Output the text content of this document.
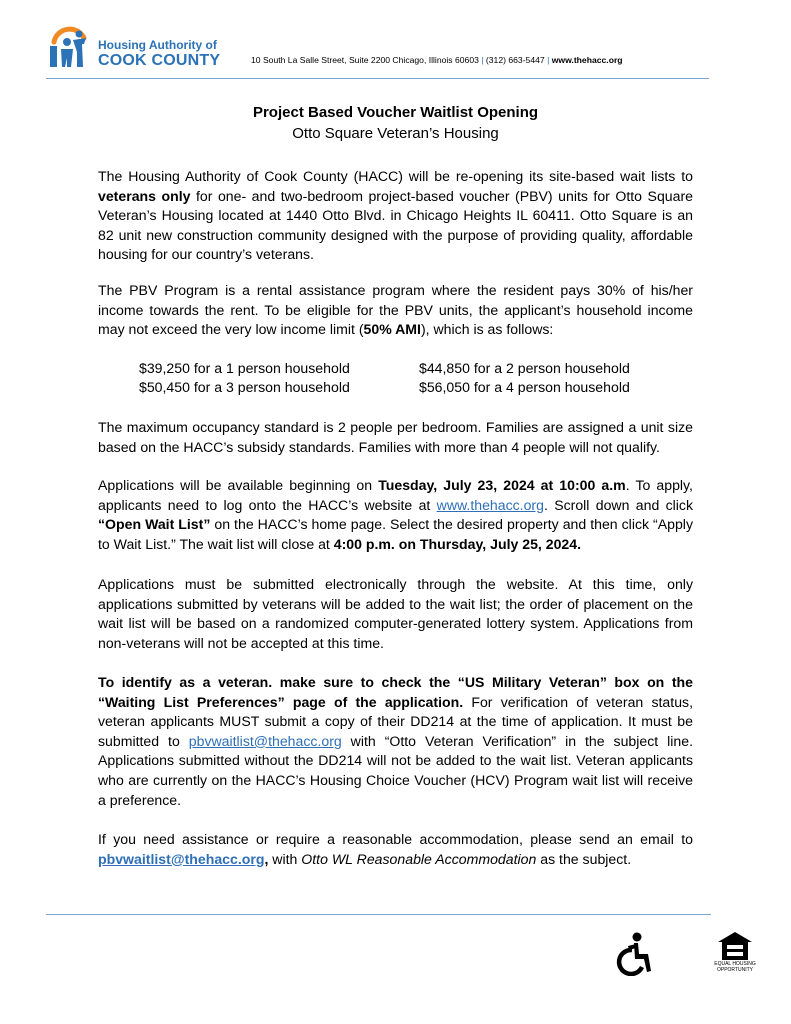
Housing Authority of
COOK COUNTY	10 South La Salle Street, Suite 2200 Chicago, Illinois 60603 | (312) 663-5447 | www.thehacc.org
Project Based Voucher Waitlist Opening
Otto Square Veteran’s Housing
The Housing Authority of Cook County (HACC) will be re-opening its site-based wait lists to veterans only for one- and two-bedroom project-based voucher (PBV) units for Otto Square Veteran’s Housing located at 1440 Otto Blvd. in Chicago Heights IL 60411. Otto Square is an 82 unit new construction community designed with the purpose of providing quality, affordable housing for our country’s veterans.
The PBV Program is a rental assistance program where the resident pays 30% of his/her income towards the rent. To be eligible for the PBV units, the applicant’s household income may not exceed the very low income limit (50% AMI), which is as follows:
$39,250 for a 1 person household	$44,850 for a 2 person household
$50,450 for a 3 person household	$56,050 for a 4 person household
The maximum occupancy standard is 2 people per bedroom. Families are assigned a unit size based on the HACC’s subsidy standards. Families with more than 4 people will not qualify.
Applications will be available beginning on Tuesday, July 23, 2024 at 10:00 a.m. To apply, applicants need to log onto the HACC’s website at www.thehacc.org. Scroll down and click “Open Wait List” on the HACC’s home page. Select the desired property and then click “Apply to Wait List.” The wait list will close at 4:00 p.m. on Thursday, July 25, 2024.
Applications must be submitted electronically through the website. At this time, only applications submitted by veterans will be added to the wait list; the order of placement on the wait list will be based on a randomized computer-generated lottery system. Applications from non-veterans will not be accepted at this time.
To identify as a veteran. make sure to check the “US Military Veteran” box on the “Waiting List Preferences” page of the application. For verification of veteran status, veteran applicants MUST submit a copy of their DD214 at the time of application. It must be submitted to pbvwaitlist@thehacc.org with “Otto Veteran Verification” in the subject line. Applications submitted without the DD214 will not be added to the wait list. Veteran applicants who are currently on the HACC’s Housing Choice Voucher (HCV) Program wait list will receive a preference.
If you need assistance or require a reasonable accommodation, please send an email to pbvwaitlist@thehacc.org, with Otto WL Reasonable Accommodation as the subject.
EQUAL HOUSING
OPPORTUNITY
